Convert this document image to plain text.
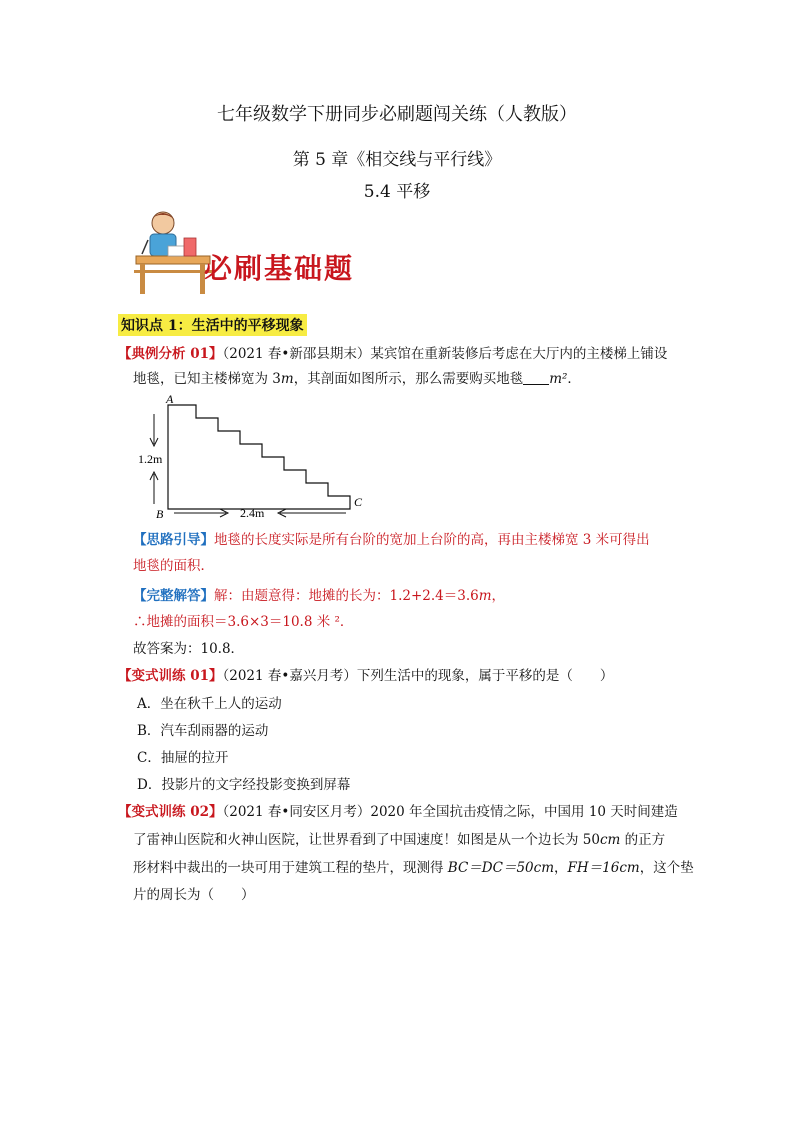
七年级数学下册同步必刷题闯关练（人教版）
第 5 章《相交线与平行线》
5.4 平移
必刷基础题
知识点 1：生活中的平移现象
【典例分析 01】（2021 春•新邵县期末）某宾馆在重新装修后考虑在大厅内的主楼梯上铺设
地毯，已知主楼梯宽为 3m，其剖面如图所示，那么需要购买地毯 m²．
A
B
C
1.2m
2.4m
【思路引导】地毯的长度实际是所有台阶的宽加上台阶的高，再由主楼梯宽 3 米可得出
地毯的面积．
【完整解答】解：由题意得：地摊的长为：1.2+2.4＝3.6m，
∴地摊的面积＝3.6×3＝10.8 米 ²．
故答案为：10.8．
【变式训练 01】（2021 春•嘉兴月考）下列生活中的现象，属于平移的是（　　）
A．坐在秋千上人的运动
B．汽车刮雨器的运动
C．抽屉的拉开
D．投影片的文字经投影变换到屏幕
【变式训练 02】（2021 春•同安区月考）2020 年全国抗击疫情之际，中国用 10 天时间建造
了雷神山医院和火神山医院，让世界看到了中国速度！如图是从一个边长为 50cm 的正方
形材料中裁出的一块可用于建筑工程的垫片，现测得 BC＝DC＝50cm，FH＝16cm，这个垫
片的周长为（　　）
